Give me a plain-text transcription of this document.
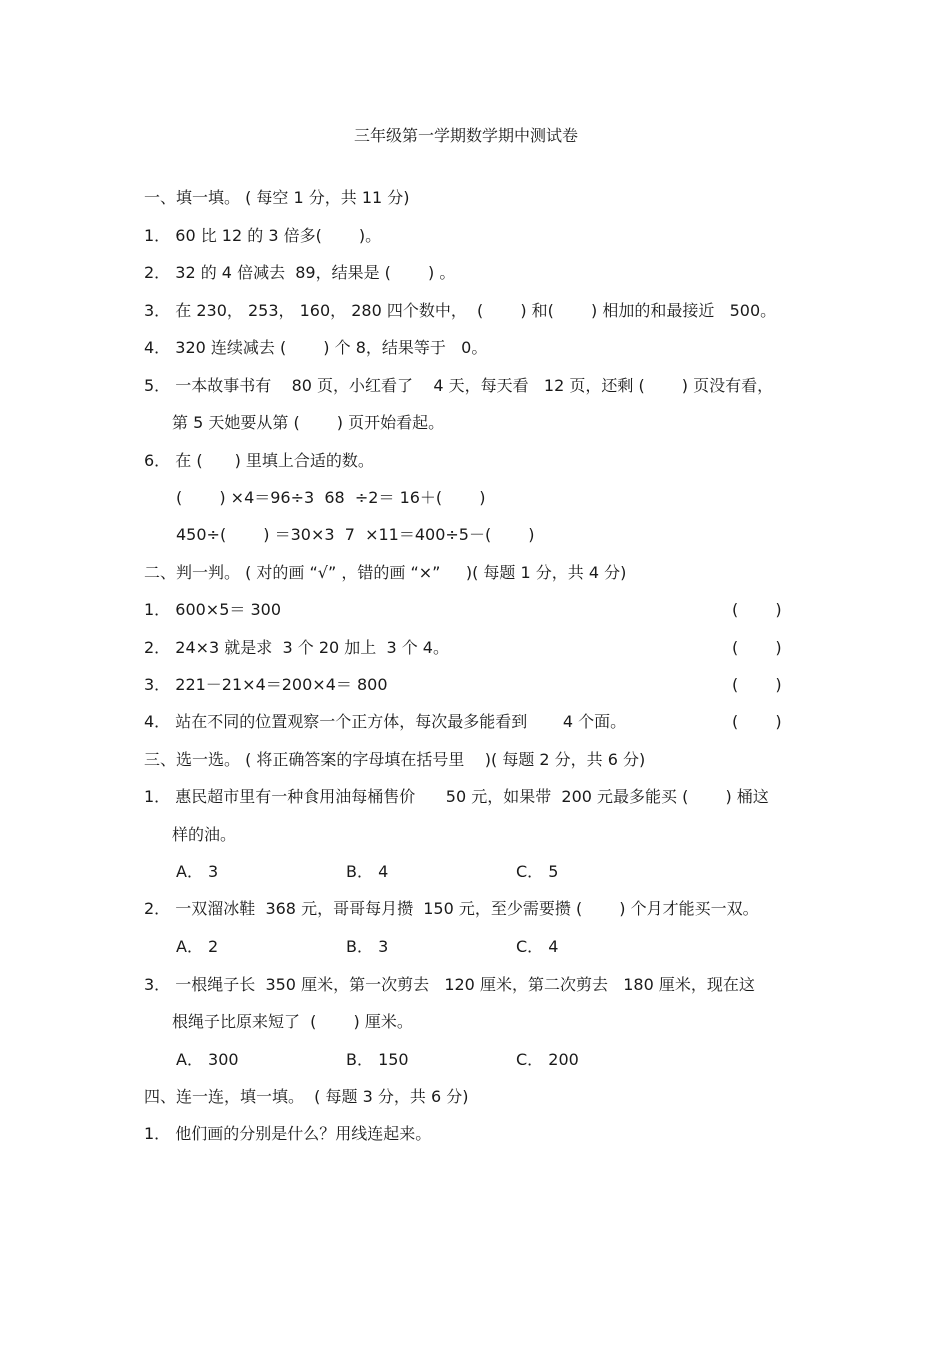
三年级第一学期数学期中测试卷
一、填一填。 ( 每空 1 分，共 11 分)
1． 60 比 12 的 3 倍多(　　 )。
2． 32 的 4 倍减去  89，结果是 (　　 ) 。
3． 在 230， 253， 160， 280 四个数中，  (　　 ) 和(　　 ) 相加的和最接近   500。
4． 320 连续减去 (　　 ) 个 8，结果等于   0。
5． 一本故事书有    80 页，小红看了    4 天，每天看   12 页，还剩 (　　 ) 页没有看，
第 5 天她要从第 (　　 ) 页开始看起。
6． 在 (　　) 里填上合适的数。
(　　 ) ×4＝96÷3  68  ÷2＝ 16＋(　　 )
450÷(　　 ) ＝30×3  7  ×11＝400÷5－(　　 )
二、判一判。 ( 对的画 “√” ，错的画 “×”     )( 每题 1 分，共 4 分)
1． 600×5＝ 300	(　　 )
2． 24×3 就是求  3 个 20 加上  3 个 4。	(　　 )
3． 221－21×4＝200×4＝ 800	(　　 )
4． 站在不同的位置观察一个正方体，每次最多能看到       4 个面。	(　　 )
三、选一选。 ( 将正确答案的字母填在括号里    )( 每题 2 分，共 6 分)
1． 惠民超市里有一种食用油每桶售价      50 元，如果带  200 元最多能买 (　　 ) 桶这
样的油。
A． 3	B． 4	C． 5
2． 一双溜冰鞋  368 元，哥哥每月攒  150 元，至少需要攒 (　　 ) 个月才能买一双。
A． 2	B． 3	C． 4
3． 一根绳子长  350 厘米，第一次剪去   120 厘米，第二次剪去   180 厘米，现在这
根绳子比原来短了  (　　 ) 厘米。
A． 300	B． 150	C． 200
四、连一连，填一填。  ( 每题 3 分，共 6 分)
1． 他们画的分别是什么？用线连起来。
